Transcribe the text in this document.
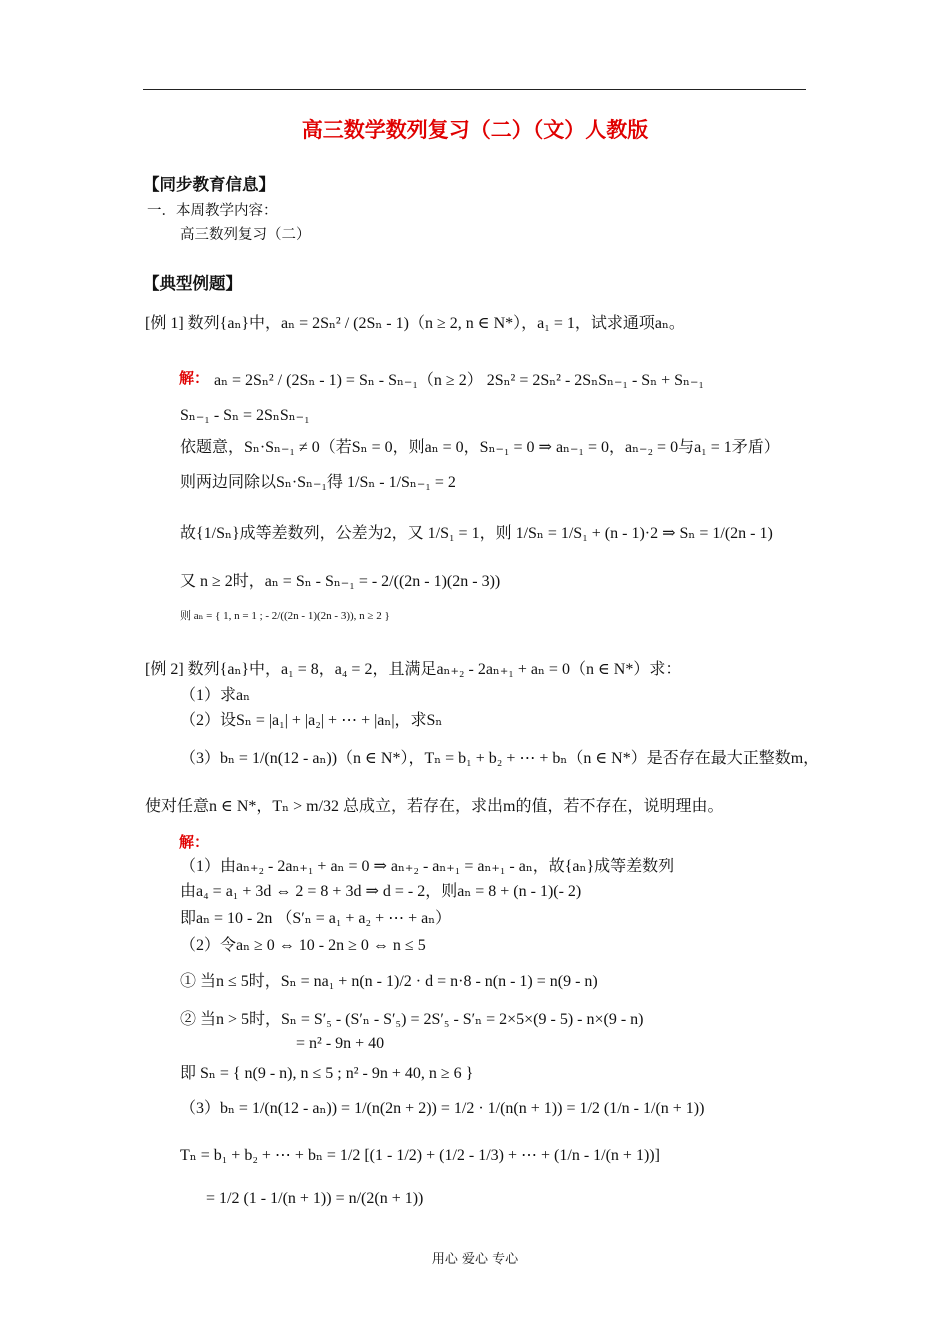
高三数学数列复习（二）（文）人教版
【同步教育信息】
一．本周教学内容：
高三数列复习（二）
【典型例题】
[例 1] 数列{aₙ}中，aₙ = 2Sₙ² / (2Sₙ - 1)（n ≥ 2, n ∈ N*），a₁ = 1，试求通项aₙ。
解： aₙ = 2Sₙ² / (2Sₙ - 1) = Sₙ - Sₙ₋₁（n ≥ 2） 2Sₙ² = 2Sₙ² - 2SₙSₙ₋₁ - Sₙ + Sₙ₋₁
Sₙ₋₁ - Sₙ = 2SₙSₙ₋₁
依题意，Sₙ·Sₙ₋₁ ≠ 0（若Sₙ = 0，则aₙ = 0，Sₙ₋₁ = 0 ⇒ aₙ₋₁ = 0，aₙ₋₂ = 0与a₁ = 1矛盾）
则两边同除以Sₙ·Sₙ₋₁得 1/Sₙ - 1/Sₙ₋₁ = 2
故{1/Sₙ}成等差数列，公差为2，又 1/S₁ = 1，则 1/Sₙ = 1/S₁ + (n - 1)·2 ⇒ Sₙ = 1/(2n - 1)
又 n ≥ 2时，aₙ = Sₙ - Sₙ₋₁ = - 2/((2n - 1)(2n - 3))
则 aₙ = { 1, n = 1 ; - 2/((2n - 1)(2n - 3)), n ≥ 2 }
[例 2] 数列{aₙ}中，a₁ = 8，a₄ = 2，且满足aₙ₊₂ - 2aₙ₊₁ + aₙ = 0（n ∈ N*）求：
（1）求aₙ
（2）设Sₙ = |a₁| + |a₂| + ⋯ + |aₙ|，求Sₙ
（3）bₙ = 1/(n(12 - aₙ))（n ∈ N*），Tₙ = b₁ + b₂ + ⋯ + bₙ（n ∈ N*）是否存在最大正整数m，
使对任意n ∈ N*，Tₙ > m/32 总成立，若存在，求出m的值，若不存在，说明理由。
解：
（1）由aₙ₊₂ - 2aₙ₊₁ + aₙ = 0 ⇒ aₙ₊₂ - aₙ₊₁ = aₙ₊₁ - aₙ，故{aₙ}成等差数列
由a₄ = a₁ + 3d ⇔ 2 = 8 + 3d ⇒ d = - 2，则aₙ = 8 + (n - 1)(- 2)
即aₙ = 10 - 2n （S′ₙ = a₁ + a₂ + ⋯ + aₙ）
（2）令aₙ ≥ 0 ⇔ 10 - 2n ≥ 0 ⇔ n ≤ 5
① 当n ≤ 5时，Sₙ = na₁ + n(n - 1)/2 · d = n·8 - n(n - 1) = n(9 - n)
② 当n > 5时，Sₙ = S′₅ - (S′ₙ - S′₅) = 2S′₅ - S′ₙ = 2×5×(9 - 5) - n×(9 - n)
= n² - 9n + 40
即 Sₙ = { n(9 - n), n ≤ 5 ; n² - 9n + 40, n ≥ 6 }
（3）bₙ = 1/(n(12 - aₙ)) = 1/(n(2n + 2)) = 1/2 · 1/(n(n + 1)) = 1/2 (1/n - 1/(n + 1))
Tₙ = b₁ + b₂ + ⋯ + bₙ = 1/2 [(1 - 1/2) + (1/2 - 1/3) + ⋯ + (1/n - 1/(n + 1))]
= 1/2 (1 - 1/(n + 1)) = n/(2(n + 1))
用心 爱心 专心
